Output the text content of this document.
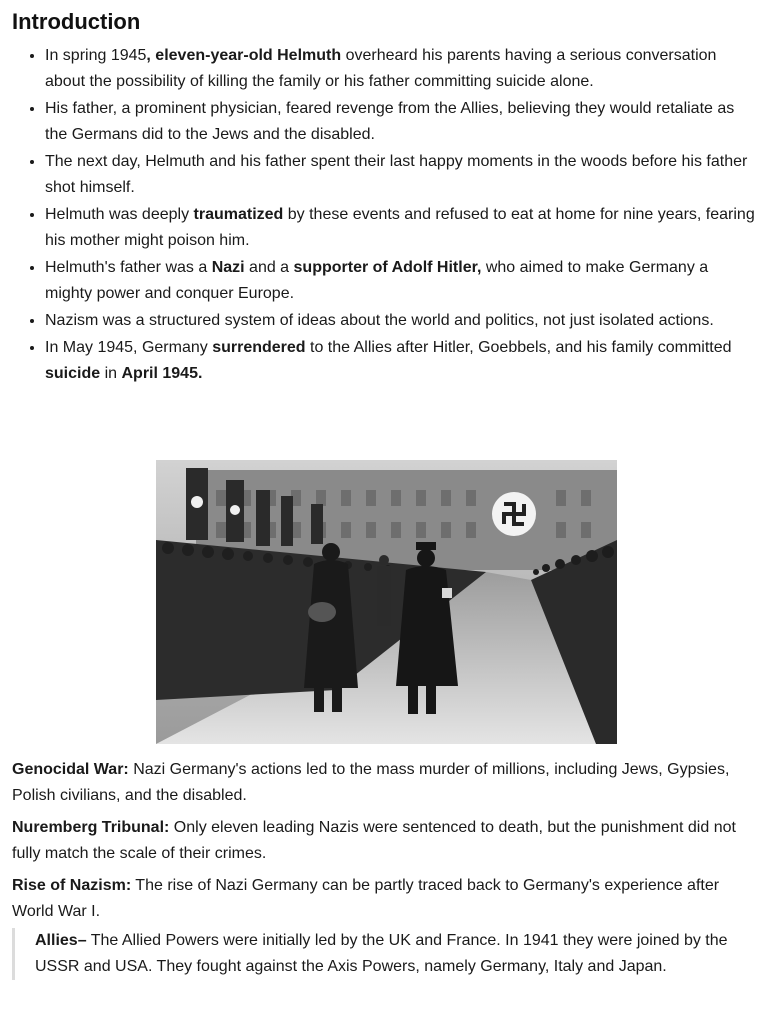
Introduction
• In spring 1945, eleven-year-old Helmuth overheard his parents having a serious conversation about the possibility of killing the family or his father committing suicide alone.
• His father, a prominent physician, feared revenge from the Allies, believing they would retaliate as the Germans did to the Jews and the disabled.
• The next day, Helmuth and his father spent their last happy moments in the woods before his father shot himself.
• Helmuth was deeply traumatized by these events and refused to eat at home for nine years, fearing his mother might poison him.
• Helmuth's father was a Nazi and a supporter of Adolf Hitler, who aimed to make Germany a mighty power and conquer Europe.
• Nazism was a structured system of ideas about the world and politics, not just isolated actions.
• In May 1945, Germany surrendered to the Allies after Hitler, Goebbels, and his family committed suicide in April 1945.

Genocidal War: Nazi Germany's actions led to the mass murder of millions, including Jews, Gypsies, Polish civilians, and the disabled.

Nuremberg Tribunal: Only eleven leading Nazis were sentenced to death, but the punishment did not fully match the scale of their crimes.

Rise of Nazism: The rise of Nazi Germany can be partly traced back to Germany's experience after World War I.

Allies– The Allied Powers were initially led by the UK and France. In 1941 they were joined by the USSR and USA. They fought against the Axis Powers, namely Germany, Italy and Japan.
